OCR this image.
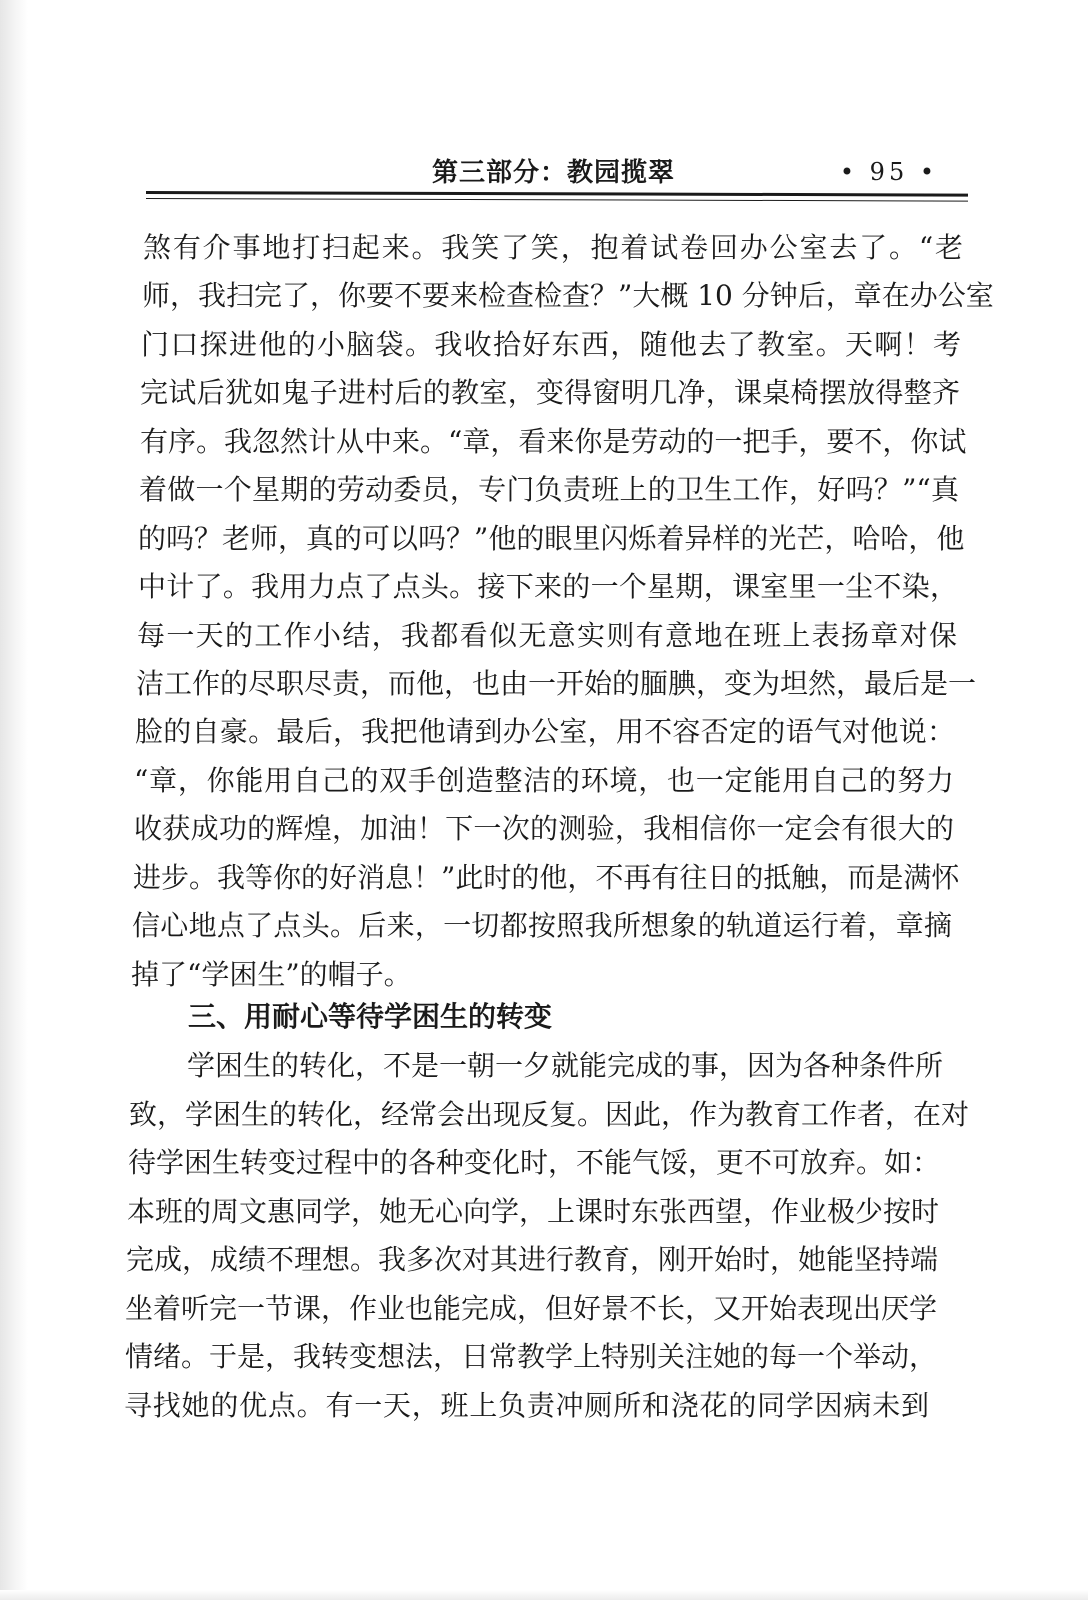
第三部分：教园揽翠	• 95 •
煞有介事地打扫起来。我笑了笑，抱着试卷回办公室去了。“老
师，我扫完了，你要不要来检查检查？”大概 10 分钟后，章在办公室
门口探进他的小脑袋。我收拾好东西，随他去了教室。天啊！考
完试后犹如鬼子进村后的教室，变得窗明几净，课桌椅摆放得整齐
有序。我忽然计从中来。“章，看来你是劳动的一把手，要不，你试
着做一个星期的劳动委员，专门负责班上的卫生工作，好吗？”“真
的吗？老师，真的可以吗？”他的眼里闪烁着异样的光芒，哈哈，他
中计了。我用力点了点头。接下来的一个星期，课室里一尘不染，
每一天的工作小结，我都看似无意实则有意地在班上表扬章对保
洁工作的尽职尽责，而他，也由一开始的腼腆，变为坦然，最后是一
脸的自豪。最后，我把他请到办公室，用不容否定的语气对他说：
“章，你能用自己的双手创造整洁的环境，也一定能用自己的努力
收获成功的辉煌，加油！下一次的测验，我相信你一定会有很大的
进步。我等你的好消息！”此时的他，不再有往日的抵触，而是满怀
信心地点了点头。后来，一切都按照我所想象的轨道运行着，章摘
掉了“学困生”的帽子。
三、用耐心等待学困生的转变
学困生的转化，不是一朝一夕就能完成的事，因为各种条件所
致，学困生的转化，经常会出现反复。因此，作为教育工作者，在对
待学困生转变过程中的各种变化时，不能气馁，更不可放弃。如：
本班的周文惠同学，她无心向学，上课时东张西望，作业极少按时
完成，成绩不理想。我多次对其进行教育，刚开始时，她能坚持端
坐着听完一节课，作业也能完成，但好景不长，又开始表现出厌学
情绪。于是，我转变想法，日常教学上特别关注她的每一个举动，
寻找她的优点。有一天，班上负责冲厕所和浇花的同学因病未到
